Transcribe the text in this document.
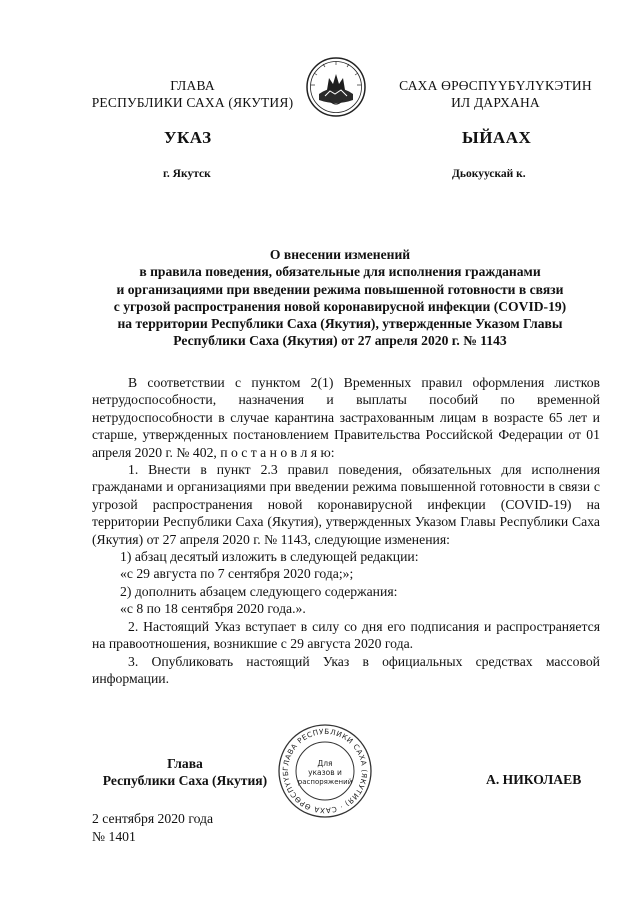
ГЛАВА
РЕСПУБЛИКИ САХА (ЯКУТИЯ)
САХА ӨРӨСПҮҮБҮЛҮКЭТИН
ИЛ ДАРХАНА
УКАЗ	ЫЙААХ
г. Якутск	Дьокуускай к.
О внесении изменений
в правила поведения, обязательные для исполнения гражданами
и организациями при введении режима повышенной готовности в связи
с угрозой распространения новой коронавирусной инфекции (COVID-19)
на территории Республики Саха (Якутия), утвержденные Указом Главы
Республики Саха (Якутия) от 27 апреля 2020 г. № 1143

В соответствии с пунктом 2(1) Временных правил оформления листков нетрудоспособности, назначения и выплаты пособий по временной нетрудоспособности в случае карантина застрахованным лицам в возрасте 65 лет и старше, утвержденных постановлением Правительства Российской Федерации от 01 апреля 2020 г. № 402, п о с т а н о в л я ю:

1. Внести в пункт 2.3 правил поведения, обязательных для исполнения гражданами и организациями при введении режима повышенной готовности в связи с угрозой распространения новой коронавирусной инфекции (COVID-19) на территории Республики Саха (Якутия), утвержденных Указом Главы Республики Саха (Якутия) от 27 апреля 2020 г. № 1143, следующие изменения:

1) абзац десятый изложить в следующей редакции:

«с 29 августа по 7 сентября 2020 года;»;

2) дополнить абзацем следующего содержания:

«с 8 по 18 сентября 2020 года.».

2. Настоящий Указ вступает в силу со дня его подписания и распространяется на правоотношения, возникшие с 29 августа 2020 года.

3. Опубликовать настоящий Указ в официальных средствах массовой информации.

Глава
Республики Саха (Якутия)
ГЛАВА РЕСПУБЛИКИ САХА (ЯКУТИЯ) · САХА ӨРӨСПҮҮБ
Для
указов и
распоряжений	А. НИКОЛАЕВ
2 сентября 2020 года
№ 1401
